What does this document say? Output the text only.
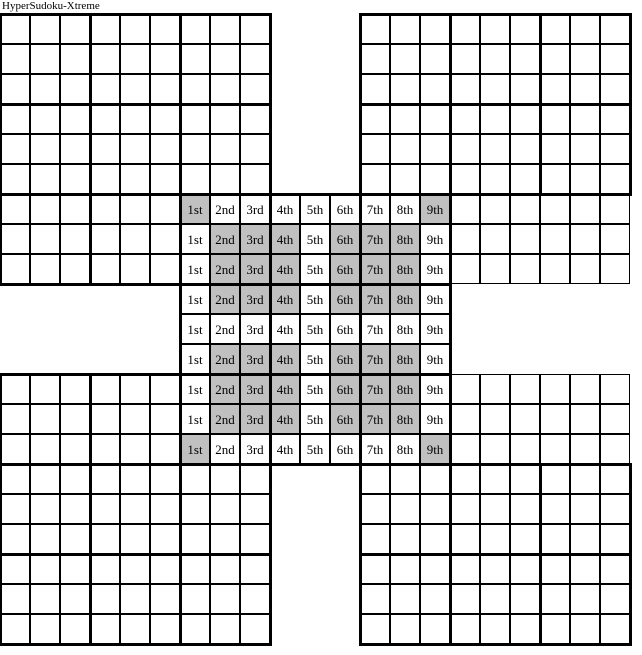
HyperSudoku-Xtreme
1st 2nd 3rd 4th 5th 6th 7th 8th 9th
1st 2nd 3rd 4th 5th 6th 7th 8th 9th
1st 2nd 3rd 4th 5th 6th 7th 8th 9th
1st 2nd 3rd 4th 5th 6th 7th 8th 9th
1st 2nd 3rd 4th 5th 6th 7th 8th 9th
1st 2nd 3rd 4th 5th 6th 7th 8th 9th
1st 2nd 3rd 4th 5th 6th 7th 8th 9th
1st 2nd 3rd 4th 5th 6th 7th 8th 9th
1st 2nd 3rd 4th 5th 6th 7th 8th 9th
